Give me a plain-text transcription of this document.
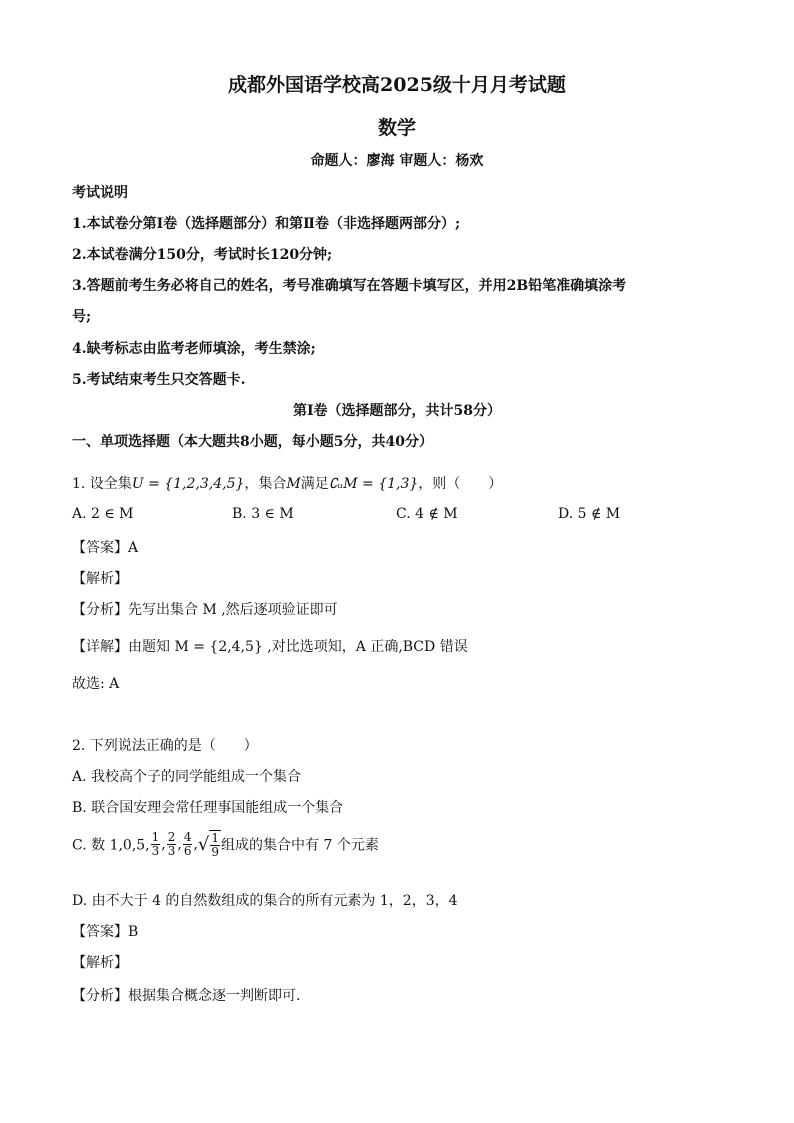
成都外国语学校高2025级十月月考试题
数学
命题人：廖海 审题人：杨欢
考试说明
1.本试卷分第Ⅰ卷（选择题部分）和第Ⅱ卷（非选择题两部分）;
2.本试卷满分150分，考试时长120分钟;
3.答题前考生务必将自己的姓名，考号准确填写在答题卡填写区，并用2B铅笔准确填涂考
号;
4.缺考标志由监考老师填涂，考生禁涂;
5.考试结束考生只交答题卡.
第Ⅰ卷（选择题部分，共计58分）
一、单项选择题（本大题共8小题，每小题5分，共40分）
1. 设全集U = {1,2,3,4,5}，集合M满足∁ᵤM = {1,3}，则（　　）
A. 2 ∈ M	B. 3 ∈ M	C. 4 ∉ M	D. 5 ∉ M
【答案】A
【解析】
【分析】先写出集合 M ,然后逐项验证即可
【详解】由题知 M = {2,4,5} ,对比选项知，A 正确,BCD 错误
故选: A
2. 下列说法正确的是（　　）
A. 我校高个子的同学能组成一个集合
B. 联合国安理会常任理事国能组成一个集合
C. 数 1,0,5, $\frac{1}{3}$ , $\frac{2}{3}$ , $\frac{4}{6}$ ,√ $\frac{1}{9}$ 组成的集合中有 7 个元素
D. 由不大于 4 的自然数组成的集合的所有元素为 1，2，3，4
【答案】B
【解析】
【分析】根据集合概念逐一判断即可.
